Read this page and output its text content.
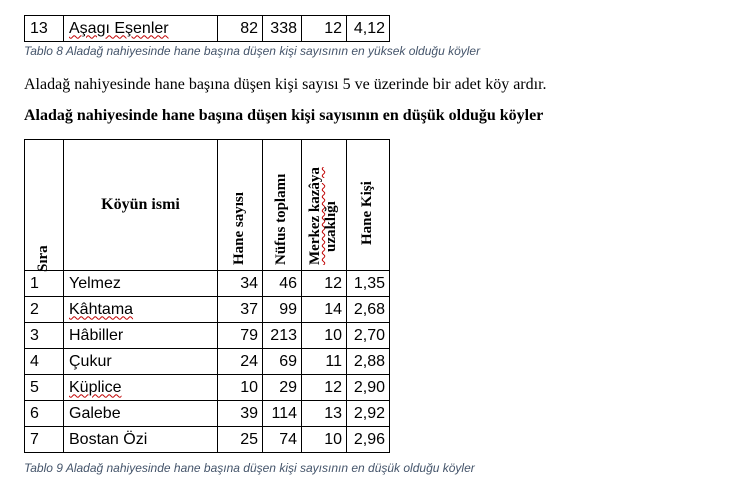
13	Aşagı Eşenler	82	338	12	4,12

Tablo 8 Aladağ nahiyesinde hane başına düşen kişi sayısının en yüksek olduğu köyler

Aladağ nahiyesinde hane başına düşen kişi sayısı 5 ve üzerinde bir adet köy ardır.

Aladağ nahiyesinde hane başına düşen kişi sayısının en düşük olduğu köyler

Sıra	Köyün ismi	Hane sayısı	Nüfus toplamı	Merkez kazâya uzaklığı	Hane Kişi

1	Yelmez	34	46	12	1,35
2	Kâhtama	37	99	14	2,68
3	Hâbiller	79	213	10	2,70
4	Çukur	24	69	11	2,88
5	Küplice	10	29	12	2,90
6	Galebe	39	114	13	2,92
7	Bostan Özi	25	74	10	2,96

Tablo 9 Aladağ nahiyesinde hane başına düşen kişi sayısının en düşük olduğu köyler
